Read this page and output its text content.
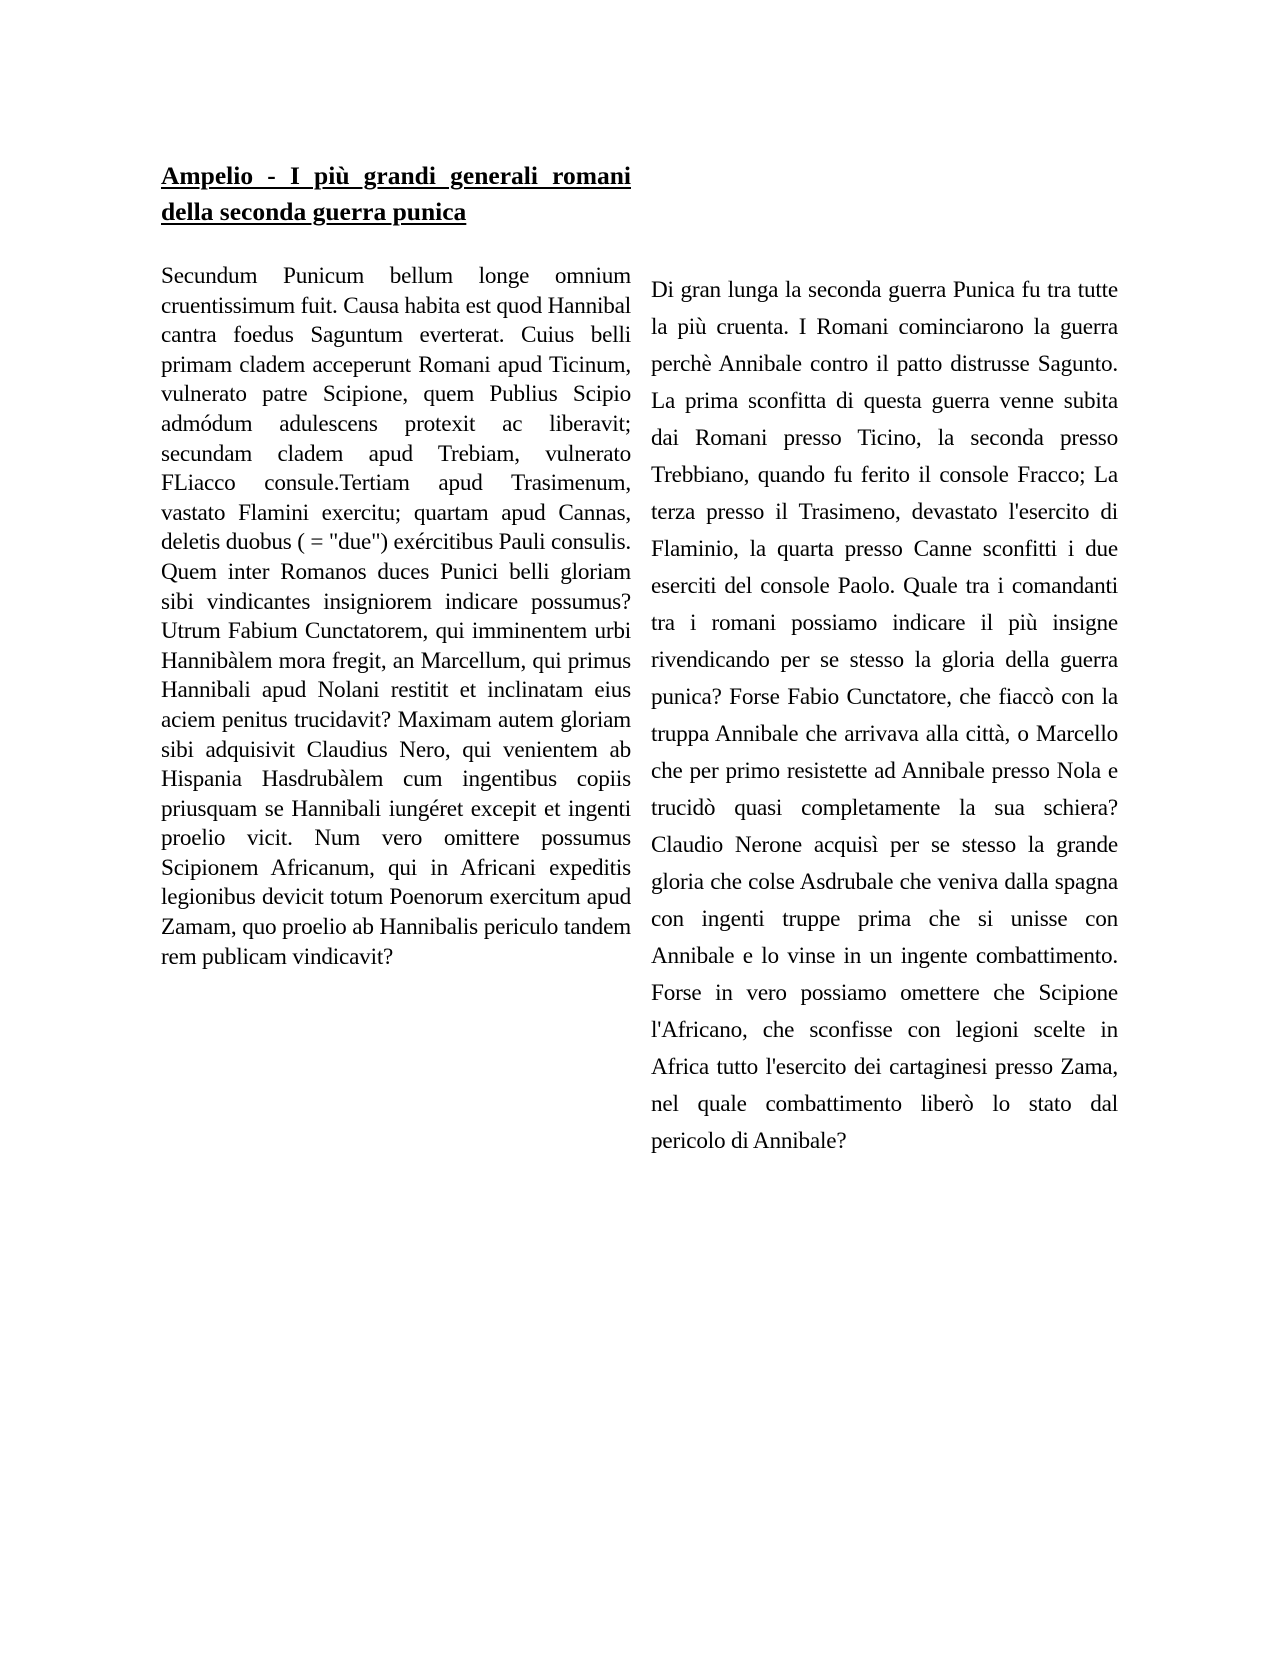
Ampelio - I più grandi generali romani della seconda guerra punica

Secundum Punicum bellum longe omnium cruentissimum fuit. Causa habita est quod Hannibal cantra foedus Saguntum everterat. Cuius belli primam cladem acceperunt Romani apud Ticinum, vulnerato patre Scipione, quem Publius Scipio admódum adulescens protexit ac liberavit; secundam cladem apud Trebiam, vulnerato FLiacco consule.Tertiam apud Trasimenum, vastato Flamini exercitu; quartam apud Cannas, deletis duobus ( = "due") exércitibus Pauli consulis. Quem inter Romanos duces Punici belli gloriam sibi vindicantes insigniorem indicare possumus? Utrum Fabium Cunctatorem, qui imminentem urbi Hannibàlem mora fregit, an Marcellum, qui primus Hannibali apud Nolani restitit et inclinatam eius aciem penitus trucidavit? Maximam autem gloriam sibi adquisivit Claudius Nero, qui venientem ab Hispania Hasdrubàlem cum ingentibus copiis priusquam se Hannibali iungéret excepit et ingenti proelio vicit. Num vero omittere possumus Scipionem Africanum, qui in Africani expeditis legionibus devicit totum Poenorum exercitum apud Zamam, quo proelio ab Hannibalis periculo tandem rem publicam vindicavit?

Di gran lunga la seconda guerra Punica fu tra tutte la più cruenta. I Romani cominciarono la guerra perchè Annibale contro il patto distrusse Sagunto. La prima sconfitta di questa guerra venne subita dai Romani presso Ticino, la seconda presso Trebbiano, quando fu ferito il console Fracco; La terza presso il Trasimeno, devastato l'esercito di Flaminio, la quarta presso Canne sconfitti i due eserciti del console Paolo. Quale tra i comandanti tra i romani possiamo indicare il più insigne rivendicando per se stesso la gloria della guerra punica? Forse Fabio Cunctatore, che fiaccò con la truppa Annibale che arrivava alla città, o Marcello che per primo resistette ad Annibale presso Nola e trucidò quasi completamente la sua schiera? Claudio Nerone acquisì per se stesso la grande gloria che colse Asdrubale che veniva dalla spagna con ingenti truppe prima che si unisse con Annibale e lo vinse in un ingente combattimento. Forse in vero possiamo omettere che Scipione l'Africano, che sconfisse con legioni scelte in Africa tutto l'esercito dei cartaginesi presso Zama, nel quale combattimento liberò lo stato dal pericolo di Annibale?
